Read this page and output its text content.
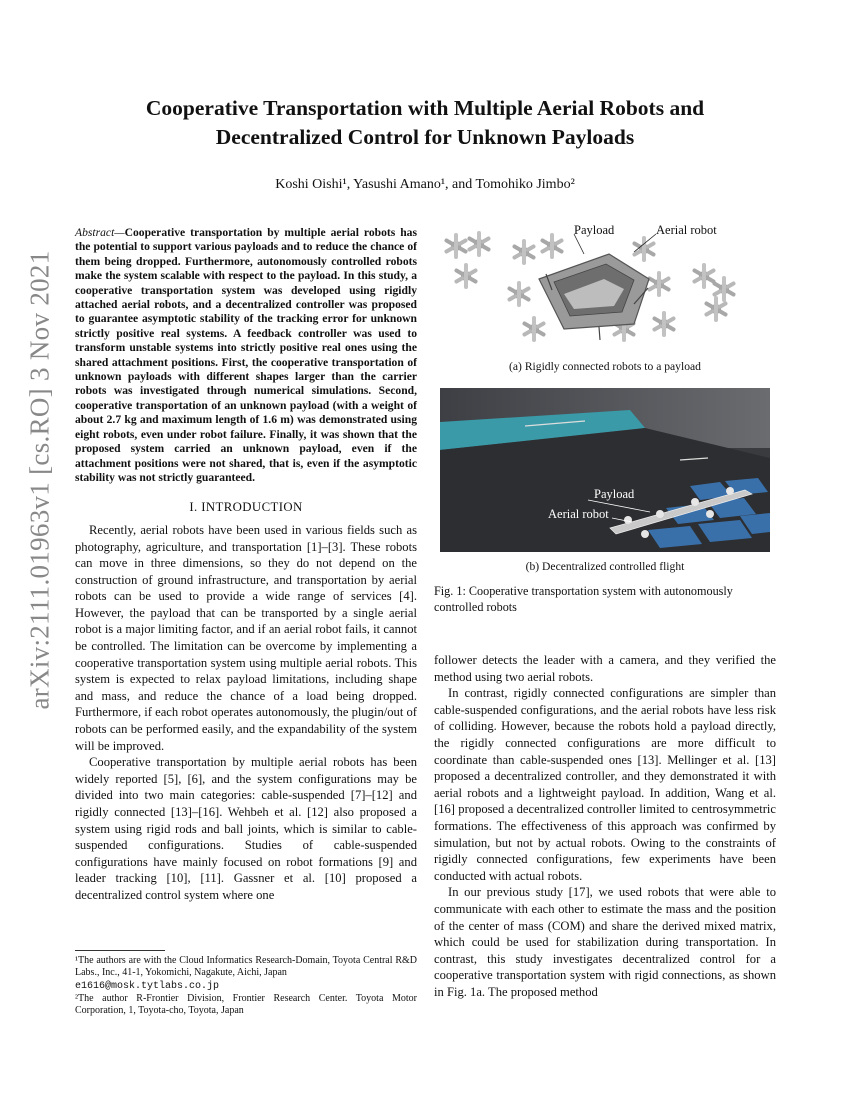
arXiv:2111.01963v1 [cs.RO] 3 Nov 2021
Cooperative Transportation with Multiple Aerial Robots and
Decentralized Control for Unknown Payloads
Koshi Oishi¹, Yasushi Amano¹, and Tomohiko Jimbo²
Abstract—Cooperative transportation by multiple aerial robots has the potential to support various payloads and to reduce the chance of them being dropped. Furthermore, autonomously controlled robots make the system scalable with respect to the payload. In this study, a cooperative transportation system was developed using rigidly attached aerial robots, and a decentralized controller was proposed to guarantee asymptotic stability of the tracking error for unknown strictly positive real systems. A feedback controller was used to transform unstable systems into strictly positive real ones using the shared attachment positions. First, the cooperative transportation of unknown payloads with different shapes larger than the carrier robots was investigated through numerical simulations. Second, cooperative transportation of an unknown payload (with a weight of about 2.7 kg and maximum length of 1.6 m) was demonstrated using eight robots, even under robot failure. Finally, it was shown that the proposed system carried an unknown payload, even if the attachment positions were not shared, that is, even if the asymptotic stability was not strictly guaranteed.
I. INTRODUCTION

Recently, aerial robots have been used in various fields such as photography, agriculture, and transportation [1]–[3]. These robots can move in three dimensions, so they do not depend on the construction of ground infrastructure, and transportation by aerial robots can be used to provide a wide range of services [4]. However, the payload that can be transported by a single aerial robot is a major limiting factor, and if an aerial robot fails, it cannot be controlled. The limitation can be overcome by implementing a cooperative transportation system using multiple aerial robots. This system is expected to relax payload limitations, including shape and mass, and reduce the chance of a load being dropped. Furthermore, if each robot operates autonomously, the plugin/out of robots can be performed easily, and the expandability of the system will be improved.

Cooperative transportation by multiple aerial robots has been widely reported [5], [6], and the system configurations may be divided into two main categories: cable-suspended [7]–[12] and rigidly connected [13]–[16]. Wehbeh et al. [12] also proposed a system using rigid rods and ball joints, which is similar to cable-suspended configurations. Studies of cable-suspended configurations have mainly focused on robot formations [9] and leader tracking [10], [11]. Gassner et al. [10] proposed a decentralized control system where one

¹The authors are with the Cloud Informatics Research-Domain, Toyota Central R&D Labs., Inc., 41-1, Yokomichi, Nagakute, Aichi, Japan
e1616@mosk.tytlabs.co.jp
²The author R-Frontier Division, Frontier Research Center. Toyota Motor Corporation, 1, Toyota-cho, Toyota, Japan
Payload	Aerial robot
(a) Rigidly connected robots to a payload
Payload
Aerial robot
(b) Decentralized controlled flight
Fig. 1: Cooperative transportation system with autonomously controlled robots

follower detects the leader with a camera, and they verified the method using two aerial robots.

In contrast, rigidly connected configurations are simpler than cable-suspended configurations, and the aerial robots have less risk of colliding. However, because the robots hold a payload directly, the rigidly connected configurations are more difficult to coordinate than cable-suspended ones [13]. Mellinger et al. [13] proposed a decentralized controller, and they demonstrated it with aerial robots and a lightweight payload. In addition, Wang et al. [16] proposed a decentralized controller limited to centrosymmetric formations. The effectiveness of this approach was confirmed by simulation, but not by actual robots. Owing to the constraints of rigidly connected configurations, few experiments have been conducted with actual robots.

In our previous study [17], we used robots that were able to communicate with each other to estimate the mass and the position of the center of mass (COM) and share the derived mixed matrix, which could be used for stabilization during transportation. In contrast, this study investigates decentralized control for a cooperative transportation system with rigid connections, as shown in Fig. 1a. The proposed method
